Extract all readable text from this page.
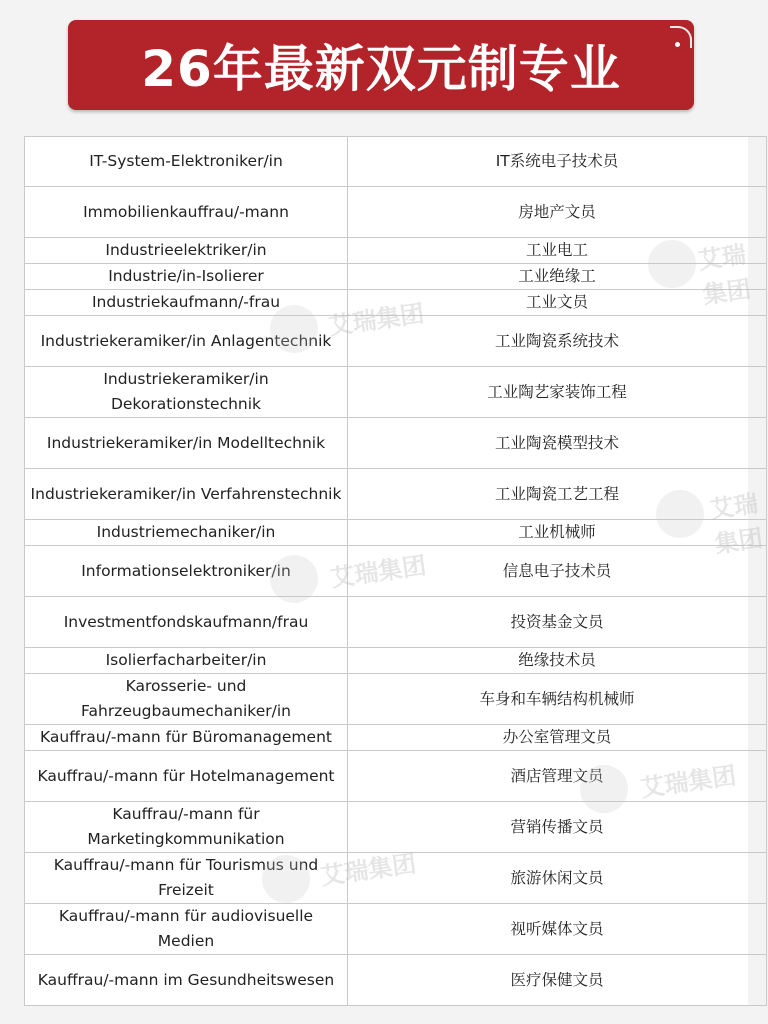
26年最新双元制专业
IT-System-Elektroniker/in	IT系统电子技术员
Immobilienkauffrau/-mann	房地产文员
Industrieelektriker/in	工业电工
Industrie/in-Isolierer	工业绝缘工
Industriekaufmann/-frau	工业文员
Industriekeramiker/in Anlagentechnik	工业陶瓷系统技术
Industriekeramiker/in Dekorationstechnik	工业陶艺家装饰工程
Industriekeramiker/in Modelltechnik	工业陶瓷模型技术
Industriekeramiker/in Verfahrenstechnik	工业陶瓷工艺工程
Industriemechaniker/in	工业机械师
Informationselektroniker/in	信息电子技术员
Investmentfondskaufmann/frau	投资基金文员
Isolierfacharbeiter/in	绝缘技术员
Karosserie- und Fahrzeugbaumechaniker/in	车身和车辆结构机械师
Kauffrau/-mann für Büromanagement	办公室管理文员
Kauffrau/-mann für Hotelmanagement	酒店管理文员
Kauffrau/-mann für Marketingkommunikation	营销传播文员
Kauffrau/-mann für Tourismus und Freizeit	旅游休闲文员
Kauffrau/-mann für audiovisuelle Medien	视听媒体文员
Kauffrau/-mann im Gesundheitswesen	医疗保健文员
艾瑞集团
艾瑞集团
艾瑞集团
艾瑞集团
艾瑞集团
艾瑞集团
